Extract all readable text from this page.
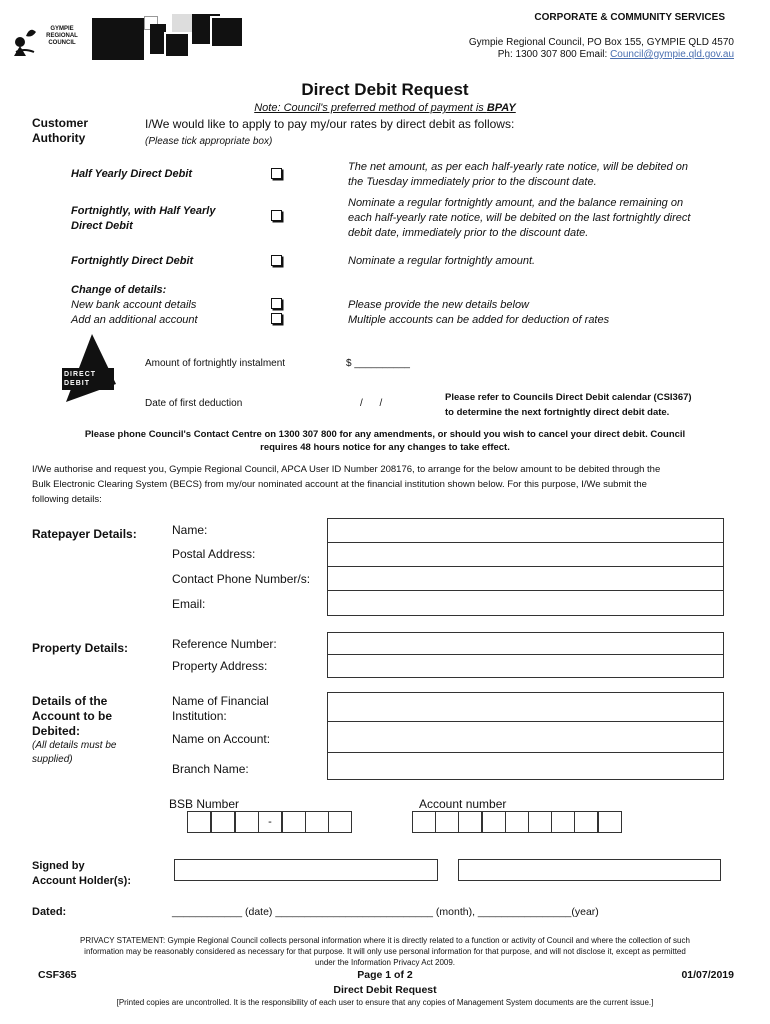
GYMPIE REGIONAL COUNCIL
CORPORATE & COMMUNITY SERVICES
Gympie Regional Council, PO Box 155, GYMPIE QLD 4570
Ph: 1300 307 800 Email: Council@gympie.qld.gov.au
Direct Debit Request
Note: Council's preferred method of payment is BPAY
Customer
Authority
I/We would like to apply to pay my/our rates by direct debit as follows:
(Please tick appropriate box)
Half Yearly Direct Debit
The net amount, as per each half-yearly rate notice, will be debited on
the Tuesday immediately prior to the discount date.
Fortnightly, with Half Yearly
Direct Debit
Nominate a regular fortnightly amount, and the balance remaining on
each half-yearly rate notice, will be debited on the last fortnightly direct
debit date, immediately prior to the discount date.
Fortnightly Direct Debit	Nominate a regular fortnightly amount.
Change of details:
New bank account details	Please provide the new details below
Add an additional account	Multiple accounts can be added for deduction of rates
DIRECT
DEBIT
Amount of fortnightly instalment	$ __________
Date of first deduction	/      /
Please refer to Councils Direct Debit calendar (CSI367)
to determine the next fortnightly direct debit date.
Please phone Council's Contact Centre on 1300 307 800 for any amendments, or should you wish to cancel your direct debit. Council
requires 48 hours notice for any changes to take effect.
I/We authorise and request you, Gympie Regional Council, APCA User ID Number 208176, to arrange for the below amount to be debited through the
Bulk Electronic Clearing System (BECS) from my/our nominated account at the financial institution shown below. For this purpose, I/We submit the
following details:
Ratepayer Details:	Name:
Postal Address:
Contact Phone Number/s:
Email:
Property Details:	Reference Number:
Property Address:
Details of the
Account to be
Debited:
(All details must be
supplied)
Name of Financial
Institution:
Name on Account:
Branch Name:
BSB Number	Account number
-
Signed by
Account Holder(s):
Dated:	____________ (date) ___________________________ (month), ________________(year)
PRIVACY STATEMENT: Gympie Regional Council collects personal information where it is directly related to a function or activity of Council and where the collection of such
information may be reasonably considered as necessary for that purpose. It will only use personal information for that purpose, and will not disclose it, except as permitted
under the Information Privacy Act 2009.
CSF365	Page 1 of 2	01/07/2019
Direct Debit Request
[Printed copies are uncontrolled. It is the responsibility of each user to ensure that any copies of Management System documents are the current issue.]
